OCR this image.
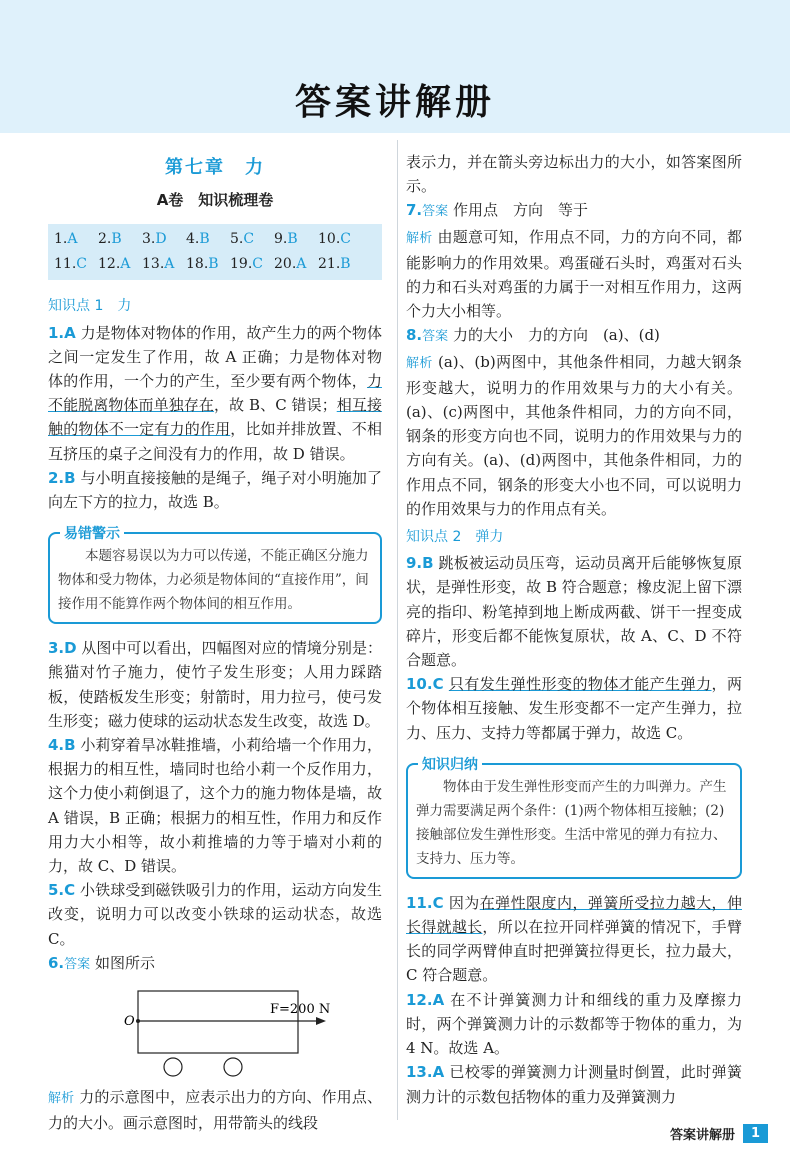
答案讲解册
第七章　力
A卷　知识梳理卷
1.A	2.B	3.D	4.B	5.C	9.B	10.C
11.C 12.A 13.A 18.B 19.C 20.A 21.B
知识点 1　力

1.A 力是物体对物体的作用，故产生力的两个物体之间一定发生了作用，故 A 正确；力是物体对物体的作用，一个力的产生，至少要有两个物体，力不能脱离物体而单独存在，故 B、C 错误；相互接触的物体不一定有力的作用，比如并排放置、不相互挤压的桌子之间没有力的作用，故 D 错误。

2.B 与小明直接接触的是绳子，绳子对小明施加了向左下方的拉力，故选 B。

易错警示
本题容易误以为力可以传递，不能正确区分施力物体和受力物体，力必须是物体间的“直接作用”，间接作用不能算作两个物体间的相互作用。

3.D 从图中可以看出，四幅图对应的情境分别是：熊猫对竹子施力，使竹子发生形变；人用力踩踏板，使踏板发生形变；射箭时，用力拉弓，使弓发生形变；磁力使球的运动状态发生改变，故选 D。

4.B 小莉穿着旱冰鞋推墙，小莉给墙一个作用力，根据力的相互性，墙同时也给小莉一个反作用力，这个力使小莉倒退了，这个力的施力物体是墙，故 A 错误，B 正确；根据力的相互性，作用力和反作用力大小相等，故小莉推墙的力等于墙对小莉的力，故 C、D 错误。

5.C 小铁球受到磁铁吸引力的作用，运动方向发生改变，说明力可以改变小铁球的运动状态，故选 C。

6.答案 如图所示

O
F=200 N

解析 力的示意图中，应表示出力的方向、作用点、力的大小。画示意图时，用带箭头的线段

表示力，并在箭头旁边标出力的大小，如答案图所示。

7.答案 作用点　方向　等于

解析 由题意可知，作用点不同，力的方向不同，都能影响力的作用效果。鸡蛋碰石头时，鸡蛋对石头的力和石头对鸡蛋的力属于一对相互作用力，这两个力大小相等。

8.答案 力的大小　力的方向　(a)、(d)

解析 (a)、(b)两图中，其他条件相同，力越大钢条形变越大，说明力的作用效果与力的大小有关。(a)、(c)两图中，其他条件相同，力的方向不同，钢条的形变方向也不同，说明力的作用效果与力的方向有关。(a)、(d)两图中，其他条件相同，力的作用点不同，钢条的形变大小也不同，可以说明力的作用效果与力的作用点有关。

知识点 2　弹力

9.B 跳板被运动员压弯，运动员离开后能够恢复原状，是弹性形变，故 B 符合题意；橡皮泥上留下漂亮的指印、粉笔掉到地上断成两截、饼干一捏变成碎片，形变后都不能恢复原状，故 A、C、D 不符合题意。

10.C 只有发生弹性形变的物体才能产生弹力，两个物体相互接触、发生形变都不一定产生弹力，拉力、压力、支持力等都属于弹力，故选 C。

知识归纳
物体由于发生弹性形变而产生的力叫弹力。产生弹力需要满足两个条件：(1)两个物体相互接触；(2)接触部位发生弹性形变。生活中常见的弹力有拉力、支持力、压力等。

11.C 因为在弹性限度内，弹簧所受拉力越大，伸长得就越长，所以在拉开同样弹簧的情况下，手臂长的同学两臂伸直时把弹簧拉得更长，拉力最大，C 符合题意。

12.A 在不计弹簧测力计和细线的重力及摩擦力时，两个弹簧测力计的示数都等于物体的重力，为 4 N。故选 A。

13.A 已校零的弹簧测力计测量时倒置，此时弹簧测力计的示数包括物体的重力及弹簧测力

答案讲解册	1
